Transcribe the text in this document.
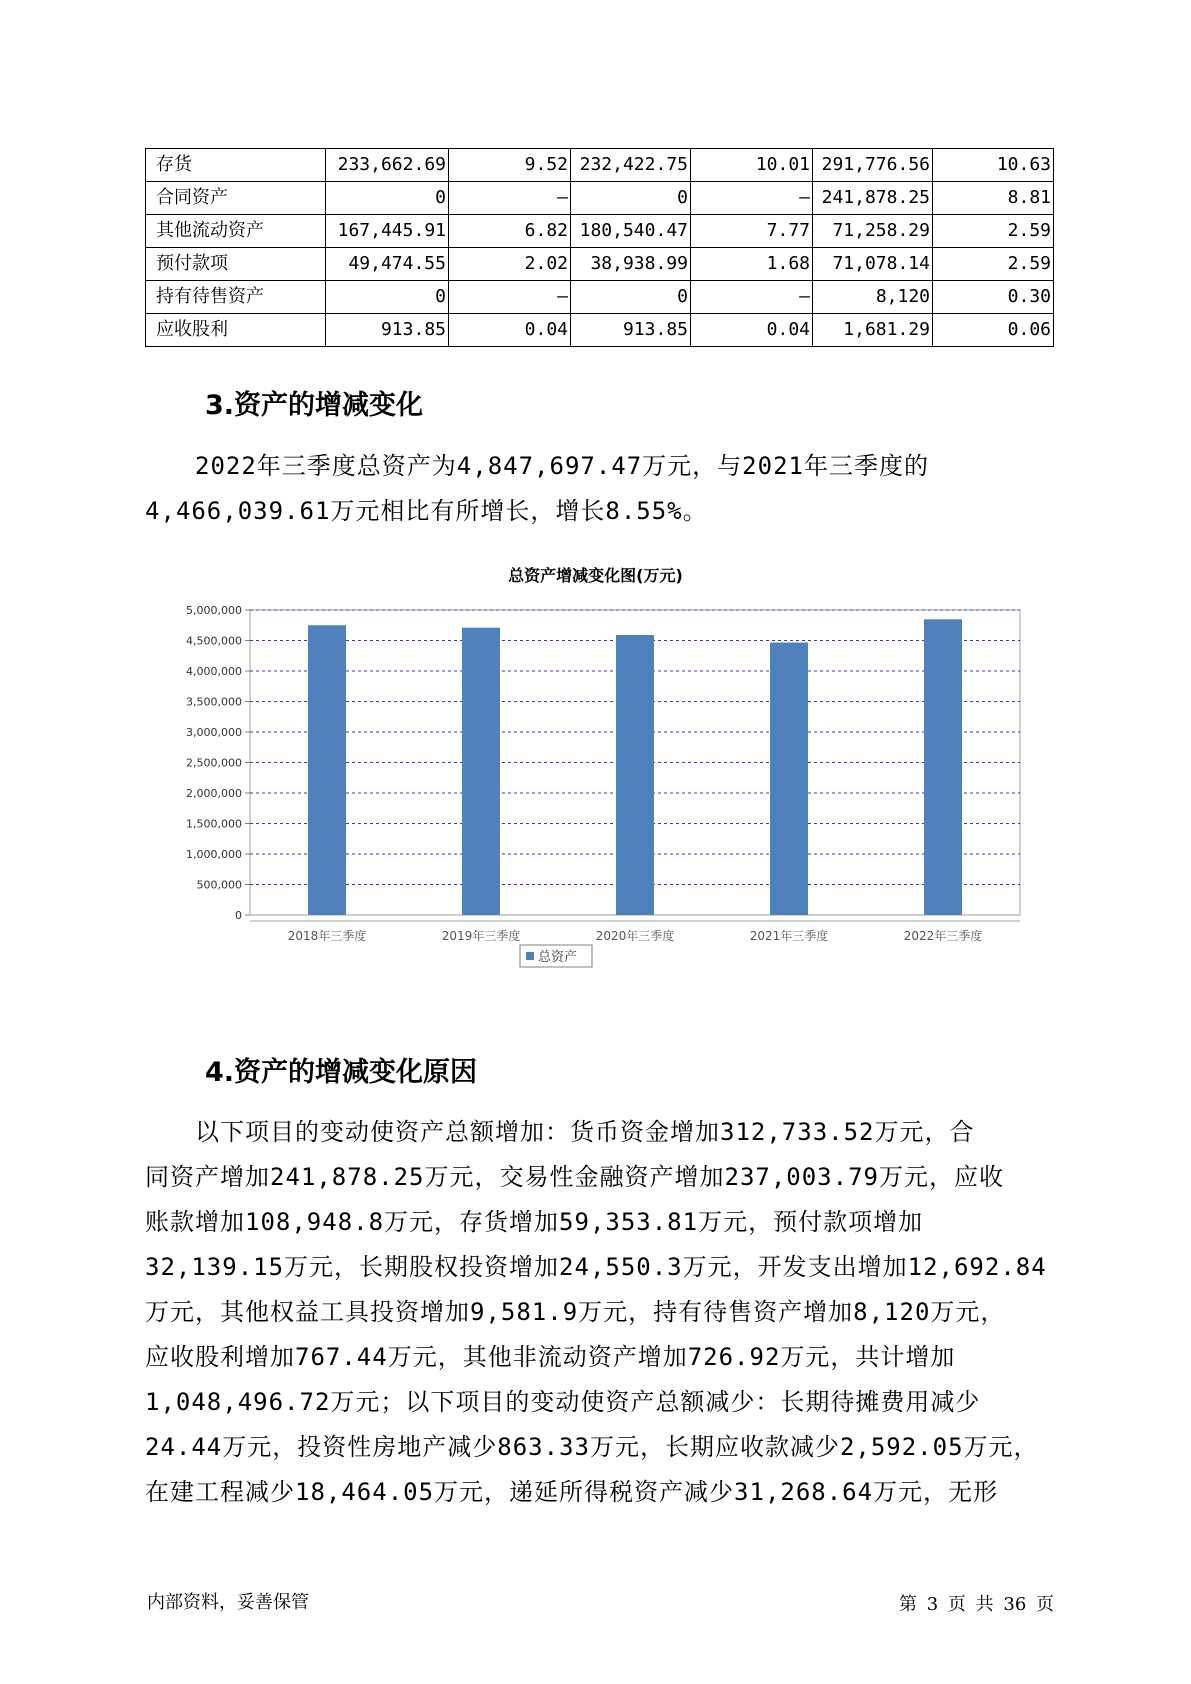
存货	233,662.69	9.52	232,422.75	10.01	291,776.56	10.63
合同资产	0	–	0	–	241,878.25	8.81
其他流动资产	167,445.91	6.82	180,540.47	7.77	71,258.29	2.59
预付款项	49,474.55	2.02	38,938.99	1.68	71,078.14	2.59
持有待售资产	0	–	0	–	8,120	0.30
应收股利	913.85	0.04	913.85	0.04	1,681.29	0.06
3.资产的增减变化
2022年三季度总资产为4,847,697.47万元，与2021年三季度的
4,466,039.61万元相比有所增长，增长8.55%。
总资产增减变化图(万元)
0
500,000
1,000,000
1,500,000
2,000,000
2,500,000
3,000,000
3,500,000
4,000,000
4,500,000
5,000,000
2018年三季度	2019年三季度	2020年三季度	2021年三季度	2022年三季度
总资产
4.资产的增减变化原因
以下项目的变动使资产总额增加：货币资金增加312,733.52万元，合
同资产增加241,878.25万元，交易性金融资产增加237,003.79万元，应收
账款增加108,948.8万元，存货增加59,353.81万元，预付款项增加
32,139.15万元，长期股权投资增加24,550.3万元，开发支出增加12,692.84
万元，其他权益工具投资增加9,581.9万元，持有待售资产增加8,120万元，
应收股利增加767.44万元，其他非流动资产增加726.92万元，共计增加
1,048,496.72万元；以下项目的变动使资产总额减少：长期待摊费用减少
24.44万元，投资性房地产减少863.33万元，长期应收款减少2,592.05万元，
在建工程减少18,464.05万元，递延所得税资产减少31,268.64万元，无形
内部资料，妥善保管	第 3 页 共 36 页
